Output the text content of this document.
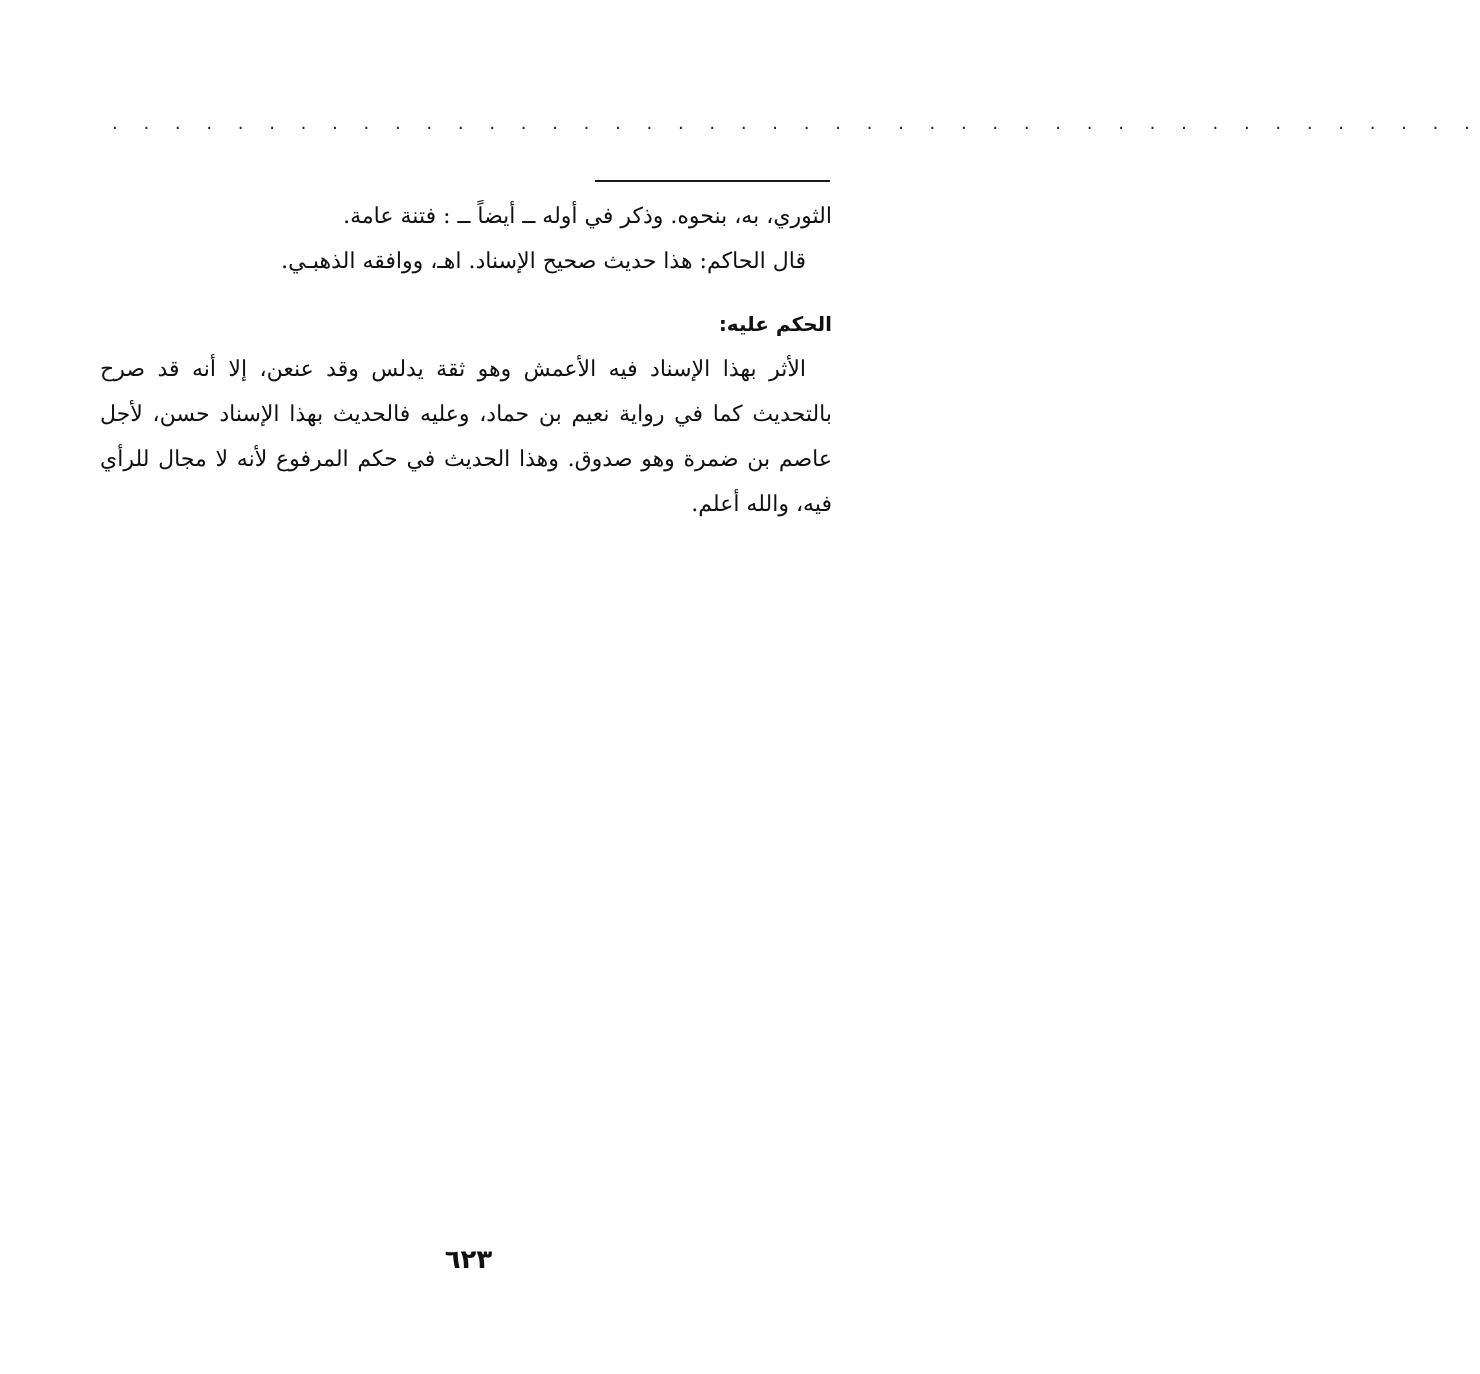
. . . . . . . . . . . . . . . . . . . . . . . . . . . . . . . . . . . . . . . . . . . .
الثوري، به، بنحوه. وذكر في أوله ــ أيضاً ــ : فتنة عامة.
قال الحاكم: هذا حديث صحيح الإسناد. اهـ، ووافقه الذهبـي.
الحكم عليه:
الأثر بهذا الإسناد فيه الأعمش وهو ثقة يدلس وقد عنعن، إلا أنه قد صرح
بالتحديث كما في رواية نعيم بن حماد، وعليه فالحديث بهذا الإسناد حسن، لأجل
عاصم بن ضمرة وهو صدوق. وهذا الحديث في حكم المرفوع لأنه لا مجال للرأي
فيه، والله أعلم.
٦٢٣
